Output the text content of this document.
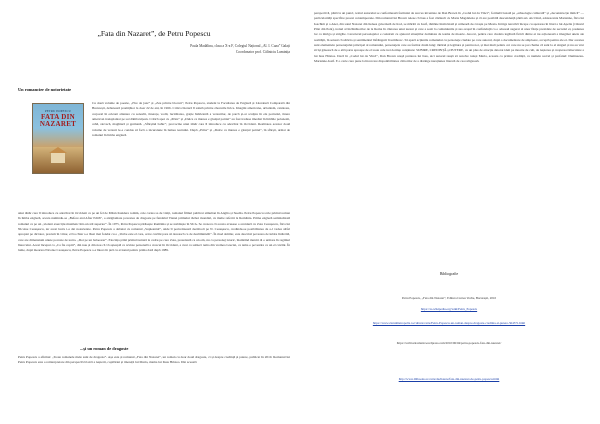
„Fata din Nazaret”, de Petru Popescu
Paula Madălina, clasa a X-a F, Colegiul Național „Al. I. Cuza” Galați
Coordonator prof. Căliniciu Luminița
Un romancier de notorietate
PETRU POPESCU
FATA DIN
NAZARET
Cu două volume de poezie, „Fire de jazz” și „Zeu printre blocuri”, Petru Popescu, student la Facultatea de Engleză și Literatură Comparată din București, debutează promițător la doar 22 de ani, în 1966. Critica literară îl salută printre zborurile lirice. Imagini americane, urbanism, candoare, corporal în orizont alienare cu sonoriii, tinerețe, vodii, luciditatea, grație hidrizantă a versurilor, de parcă și-ar sculptu în ele portretul, tinere american transplantat pe sol dâmbovițean. Critică apoi cu „Prins” și „Dulce ca mierea e glonțul patriei” au fost traduse imediat în limbile polonezii, cehă, slovacă, maghiară și germană. „Sfârșitul bahic”, provocine unui tânăr care îl introduce cu adevărat în Occident. Realitatea acestor două volume de versuri le-a condus să facă o incursiune în lumea teatrului. După „Prins” și „Dulce ca mierea e glonțul patriei”, în sfârșit, urmat de romanul în limba engleză.
unui tânăr care îl introduce cu adevărat în Occident ca pe un fel de Milan Kundera român, cole cartea sa de viziți, romanul filmul publicat simultan în Anglia și Suedia. Petru Popescu scrie primul roman în limba engleză, acesta numindu-se „Before and After Edith”, o antiglamare povestea de dragoste pe fundalul Vienei primului război mondial, cu multe referiri la România. Prima engleză seminalizată romanul ca pe un „violent exercițiu muzilenc într-un stil superior”. În 1975, Petru Popescu părăsește România și se stabilește în SUA. Se crezeca că acesta avusese o aventură cu Zoia Ceaușescu, fiica lui Nicolae Ceaușescu, iar acest lucru i-a dat notorietate. Petru Popescu a debutat cu romanul „Supleantul”, unde îl portretizează dezinvolt pe N. Ceaușescu, credindu-se posibilitatea de a-l vedea altfel apropiat pe dictator, precum în viitor, el ba chiar s-a lăsat mai fondat cu o „Verbe este el care, orice cuvânt pare să dorească ca de dealtmintelii”. În mod similar, este descrisă povestea de iubire întârzită, care are dimensiuni unuie poveste de torna. „Doi pe un balaoarer”. Elocința până primul turnată la cadru pe care Zoia, prezentată ca un om, nu ca personaj istoric, înaintând meniri di o urmare în regimul ȋntorculat. Acest ȋnceput ca „Ca fie copiii”, din nou și din nou că vă așteaptă ca reviste personală a crescut în Occident, a avut ca subiect tema din vremea Greciei, ca tema o povestire ca un el cuvânt. În lume, după moartea Nicolae Ceaușescu, Petru Popescu s-a întors în țară cu avionul pentru prima dată după 1989.
...și un roman de dragoste
Petru Popescu a afirmat: „Toate romanele mele sunt de dragoste”. Așa este și romanul „Fata din Nazaret”, un roman cu doar două dragoste, ci și despre credință și putere, publicat în 2010. Romanul lui Petru Popescu este o reinterpretare din perspectivă laică a nașterii, copilăriei și tinereții lui Maria, mama lui Iisus Hristos. Din această
perspectivă, plină la un punct, textul autorului se conformează formulei de succes inventate de Dan Brown în „Codul lui da Vinci”, formulă bazată pe „arheologie culturală” și „deconstrucție mitică” — particularități specifice prozei contemporane. Din romanul lui Brown reiese că Isus a fost căsătorit cu Maria Magdalena și că are posibilă descendență până azi. Aici însă, adolescenta Marianne, fiica lui Ioachim și a Anei, din satul Nazaret din Iudeea guvernată de Irod, se mărită cu Iosif, rămâne însărcinată și urmează de-l naște pe Mesia. Intriga narativă începe cu așezarea în lituri a lui Apelia (viitorul Pilat din Pont), trenul al închinătorilor de la Roma în căutarea unui tezaur și care a sosit la comuniunile și sus orașul în confundaţii ca o adaosul sugerat al unor fiinţe prezidate de secretul ei, pasiunea lor ca intriga și strigăte. Caracterul personajelor e construit cu ajutorul situațiilor dominate de teama de moarte. Avocat, pentru care ciudata legătură fizică dintre ei nu acționează a imaginat unele ale realității, în sensul că sărăcia și sentimentul înfrângerii îi urmăresc. Să apară acțiunile romanului cu personaje ciudate pe care autorul, după o documentare de amploare, acceptă pentru ale ei. Dar acestea sunt elementele personajului principal al romanului, personajele care au format drum lung: tânărul și legătura și pentru noi, și mai mult pentru cei care nu se pot chema că sunt la el singuri și nu au vrut să își găsească de o altă parte aproape de el toate cele trei dorințe conținute: SUBIRE, CREDINȚĂ și PUTERE, cu un plus de atracție datorat ideii pe moarte de cult, de nașterea și creșterea timeculare a lui Isus Hristos. Dacă în „Codul lui da Vinci”, Dan Brown reușă purtarea lui Isus, aici autorul reușă să rezolve totuși Maria, aceasta ca printre credință, ca numele sacrul și profanul: Dumnezeu-Marianne-Iosif. E o carte care pune la încercare disponibilitatea cititorilor de a distinge narațiunea literară de cea religioasă.
Bibliografie
Petru Popescu, „Fata din Nazaret”, Editura Curtea Veche, București, 2010
https://ro.wikipedia.org/wiki/Petru_Popescu
https://www.ziarulmetropolis.ro/cultura/carte/Petru-Popescu-un-roman-despre-dragoste-credinta-si-putere-564371.html
https://scriitoriromani.wordpress.com/2010/06/04/petru-popescu-fata-din-nazaret/
http://www.ilhbooks.ro/carte/dezbatere/fata-din-nazaret-de-petru-popescu.html
